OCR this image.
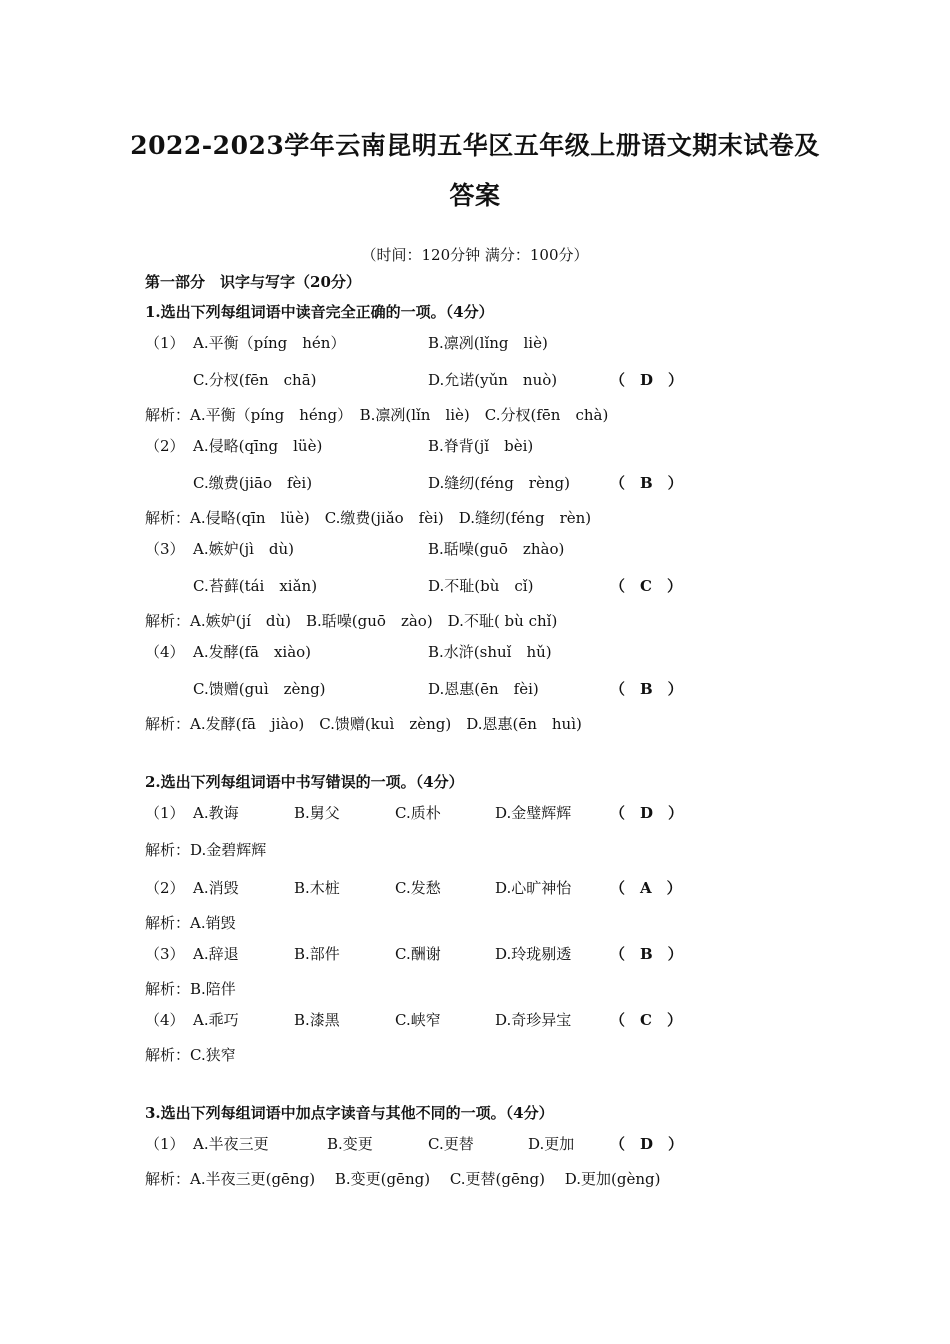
2022-2023学年云南昆明五华区五年级上册语文期末试卷及
答案
（时间：120分钟 满分：100分）
第一部分　识字与写字（20分）
1.选出下列每组词语中读音完全正确的一项。（4分）
（1） A.平衡（píng　hén）	B.凛冽(lǐng　liè)
C.分杈(fēn　chā)	D.允诺(yǔn　nuò)	（　D　）
解析：A.平衡（píng　héng）　B.凛冽(lǐn　liè)　C.分杈(fēn　chà)
（2） A.侵略(qīng　lüè)	B.脊背(jǐ　bèi)
C.缴费(jiāo　fèi)	D.缝纫(féng　rèng)	（　B　）
解析：A.侵略(qīn　lüè)　C.缴费(jiǎo　fèi)　D.缝纫(féng　rèn)
（3） A.嫉妒(jì　dù)	B.聒噪(guō　zhào)
C.苔藓(tái　xiǎn)	D.不耻(bù　cǐ)	（　C　）
解析：A.嫉妒(jí　dù)　B.聒噪(guō　zào)　D.不耻( bù chǐ)
（4） A.发酵(fā　xiào)	B.水浒(shuǐ　hǔ)
C.馈赠(guì　zèng)	D.恩惠(ēn　fèi)	（　B　）
解析：A.发酵(fā　jiào)　C.馈赠(kuì　zèng)　D.恩惠(ēn　huì)
2.选出下列每组词语中书写错误的一项。（4分）
（1） A.教诲	B.舅父	C.质朴	D.金璧辉辉	（　D　）
解析：D.金碧辉辉
（2） A.消毁	B.木桩	C.发愁	D.心旷神怡	（　A　）
解析：A.销毁
（3） A.辞退	B.部件	C.酬谢	D.玲珑剔透	（　B　）
解析：B.陪伴
（4） A.乖巧	B.漆黑	C.峡窄	D.奇珍异宝	（　C　）
解析：C.狭窄
3.选出下列每组词语中加点字读音与其他不同的一项。（4分）
（1） A.半夜三更	B.变更	C.更替	D.更加 （　D　）
解析：A.半夜三更(gēng)　 B.变更(gēng)　 C.更替(gēng)　 D.更加(gèng)
